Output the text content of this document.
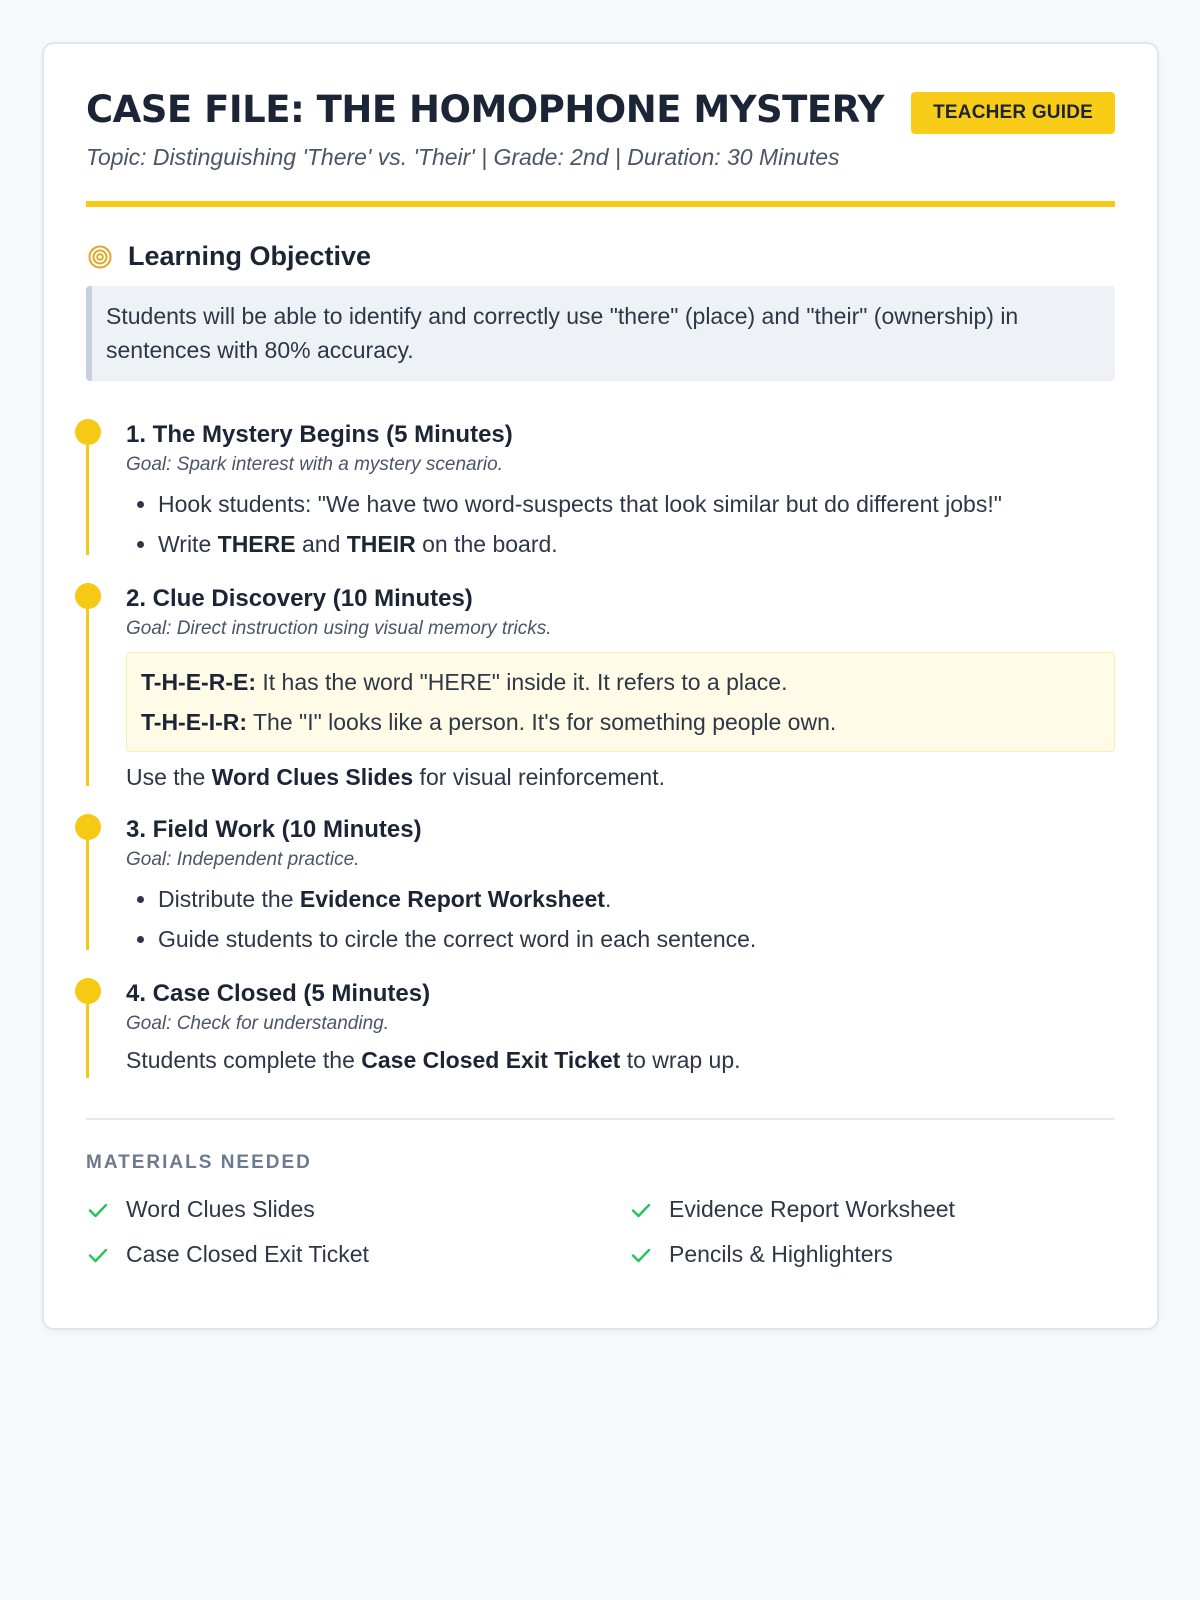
CASE FILE: THE HOMOPHONE MYSTERY	TEACHER GUIDE
Topic: Distinguishing 'There' vs. 'Their' | Grade: 2nd | Duration: 30 Minutes
Learning Objective
Students will be able to identify and correctly use "there" (place) and "their" (ownership) in sentences with 80% accuracy.
1. The Mystery Begins (5 Minutes)
Goal: Spark interest with a mystery scenario.
• Hook students: "We have two word-suspects that look similar but do different jobs!"
• Write THERE and THEIR on the board.
2. Clue Discovery (10 Minutes)
Goal: Direct instruction using visual memory tricks.
T-H-E-R-E: It has the word "HERE" inside it. It refers to a place.
T-H-E-I-R: The "I" looks like a person. It's for something people own.
Use the Word Clues Slides for visual reinforcement.
3. Field Work (10 Minutes)
Goal: Independent practice.
• Distribute the Evidence Report Worksheet.
• Guide students to circle the correct word in each sentence.
4. Case Closed (5 Minutes)
Goal: Check for understanding.
Students complete the Case Closed Exit Ticket to wrap up.
MATERIALS NEEDED
Word Clues Slides	Evidence Report Worksheet
Case Closed Exit Ticket	Pencils & Highlighters
